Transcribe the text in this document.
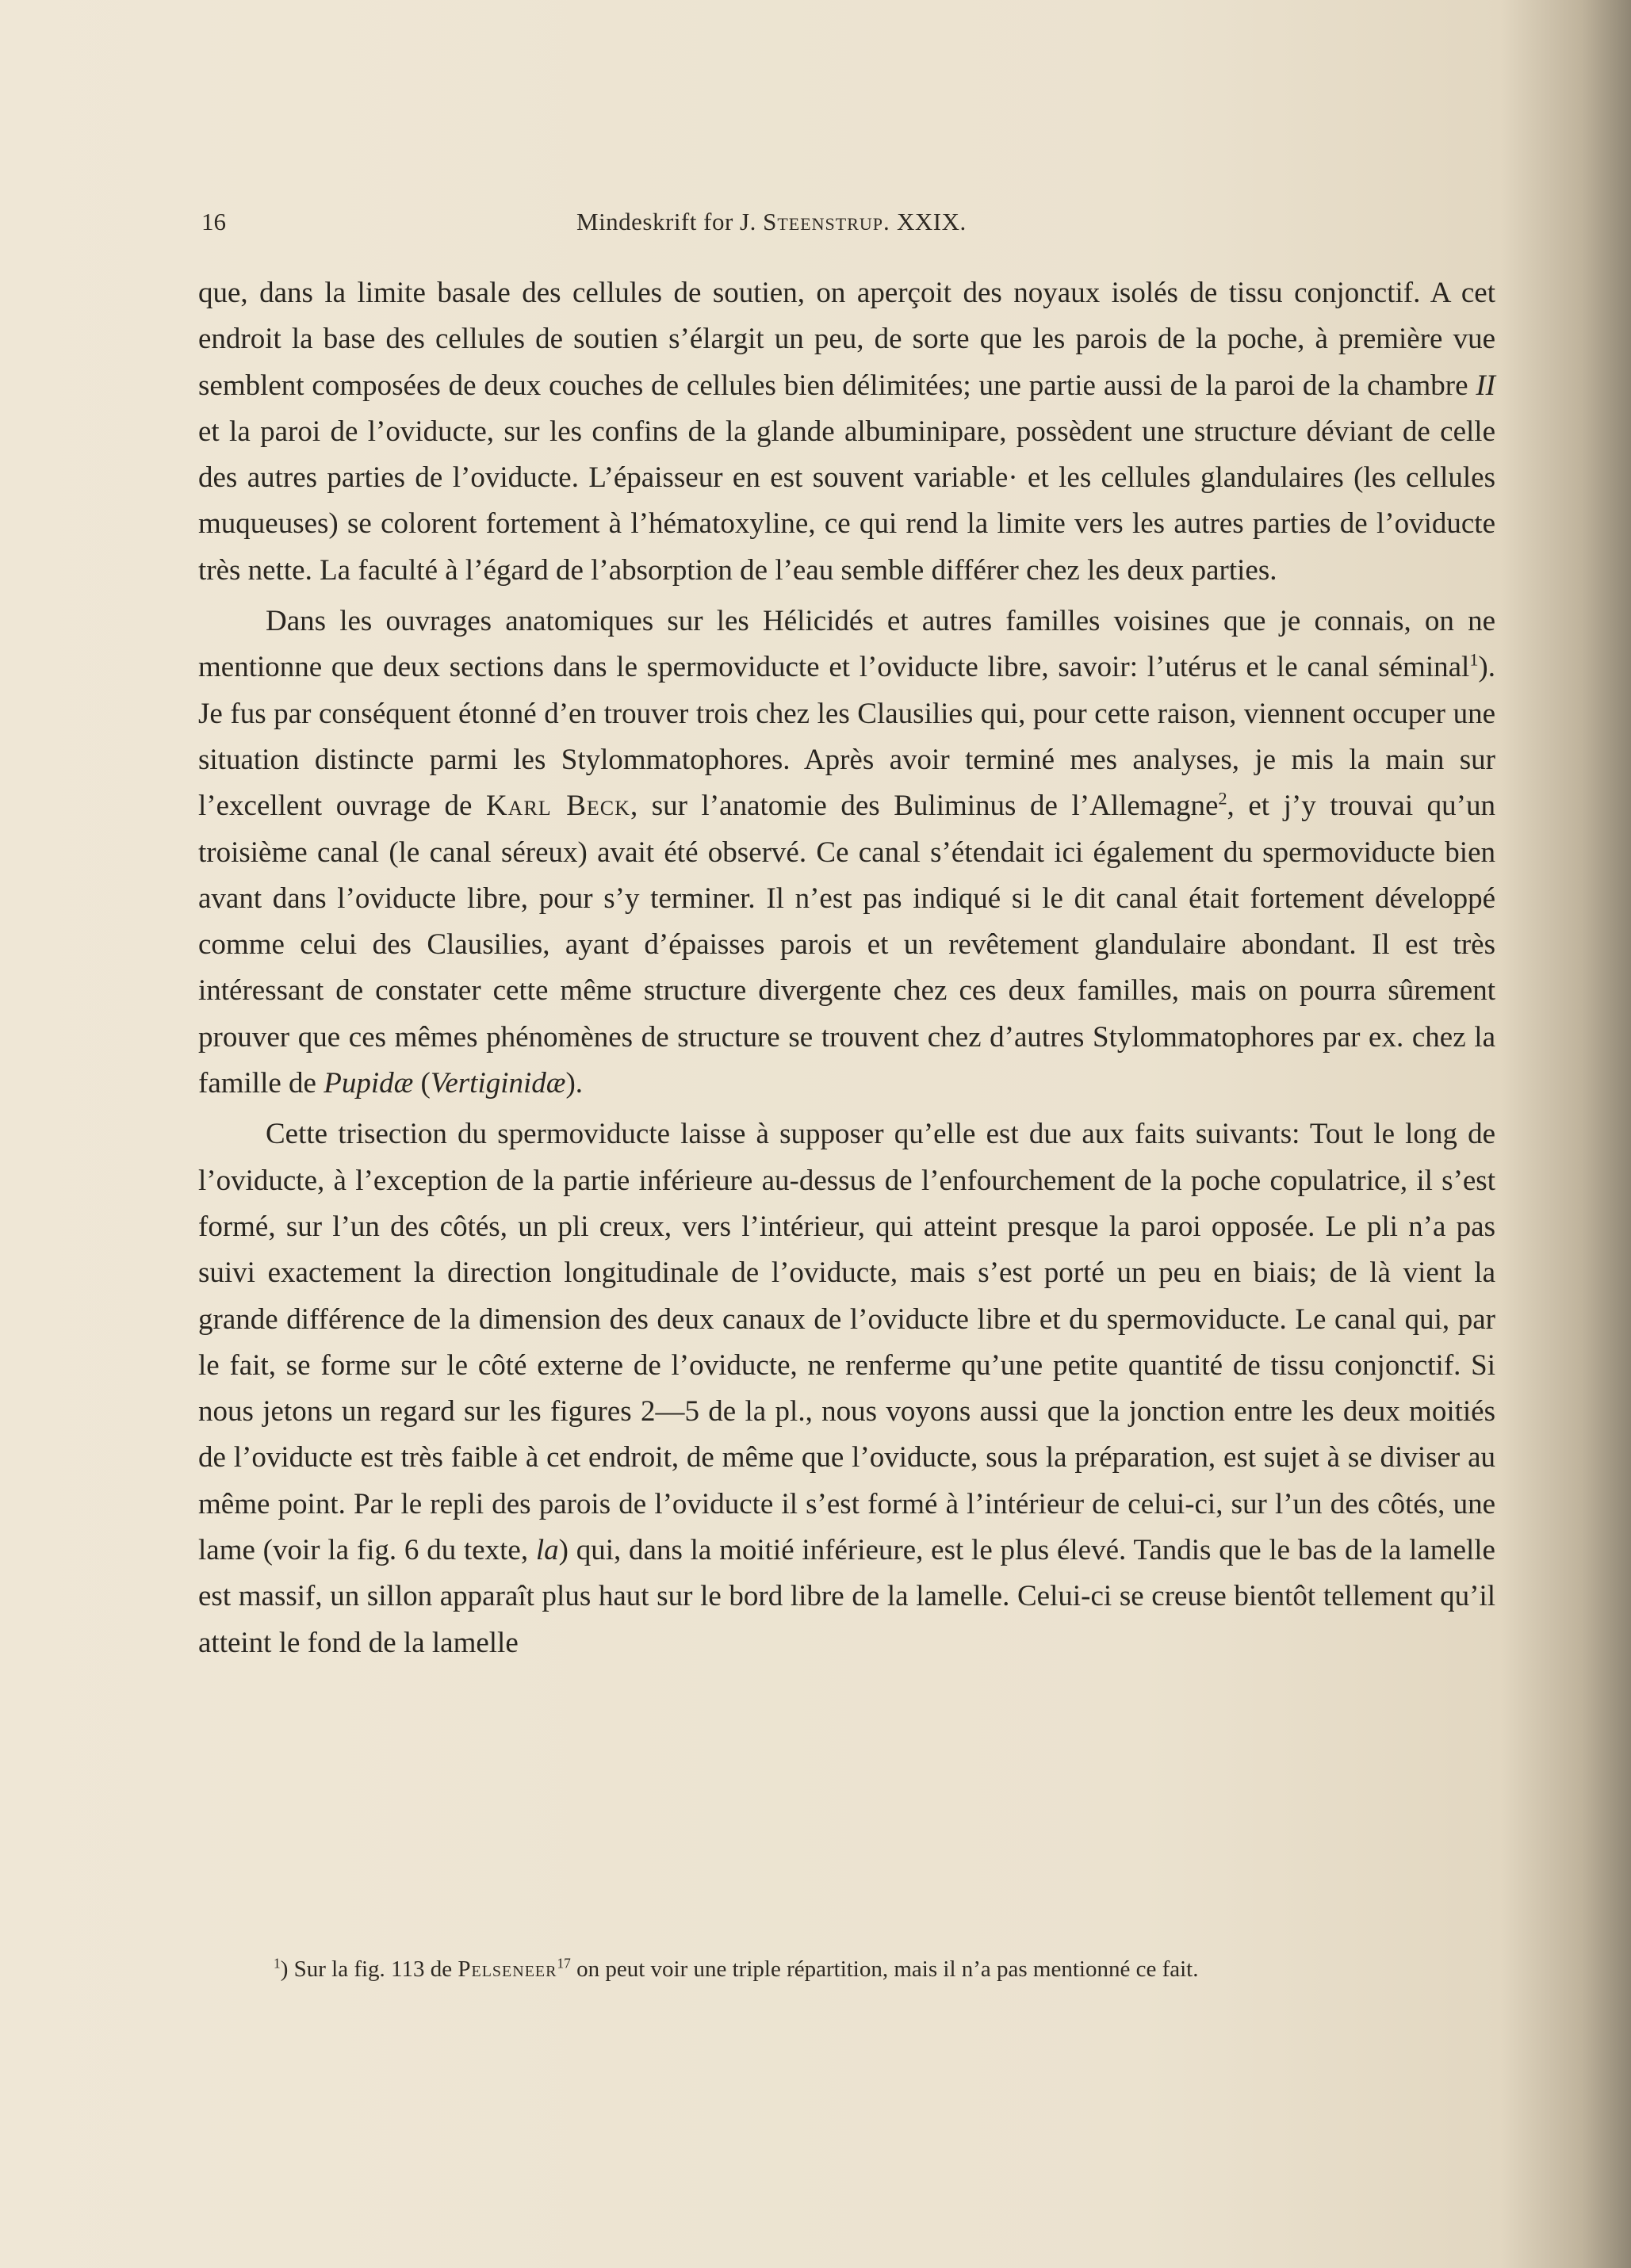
16	Mindeskrift for J. Steenstrup. XXIX.

que, dans la limite basale des cellules de soutien, on aperçoit des noyaux isolés de tissu conjonctif. A cet endroit la base des cellules de soutien s’élargit un peu, de sorte que les parois de la poche, à première vue semblent composées de deux couches de cellules bien délimitées; une partie aussi de la paroi de la chambre II et la paroi de l’oviducte, sur les confins de la glande albuminipare, possèdent une structure déviant de celle des autres parties de l’oviducte. L’épaisseur en est souvent variable· et les cellules glandulaires (les cellules muqueuses) se colorent fortement à l’hématoxyline, ce qui rend la limite vers les autres parties de l’oviducte très nette. La faculté à l’égard de l’absorption de l’eau semble différer chez les deux parties.

Dans les ouvrages anatomiques sur les Hélicidés et autres familles voisines que je connais, on ne mentionne que deux sections dans le spermoviducte et l’oviducte libre, savoir: l’utérus et le canal séminal$^1$). Je fus par conséquent étonné d’en trouver trois chez les Clausilies qui, pour cette raison, viennent occuper une situation distincte parmi les Stylommatophores. Après avoir terminé mes analyses, je mis la main sur l’excellent ouvrage de Karl Beck, sur l’anatomie des Buliminus de l’Allemagne$^2$, et j’y trouvai qu’un troisième canal (le canal séreux) avait été observé. Ce canal s’étendait ici également du spermoviducte bien avant dans l’oviducte libre, pour s’y terminer. Il n’est pas indiqué si le dit canal était fortement développé comme celui des Clausilies, ayant d’épaisses parois et un revêtement glandulaire abondant. Il est très intéressant de constater cette même structure divergente chez ces deux familles, mais on pourra sûrement prouver que ces mêmes phénomènes de structure se trouvent chez d’autres Stylommatophores par ex. chez la famille de Pupidæ (Vertiginidæ).

Cette trisection du spermoviducte laisse à supposer qu’elle est due aux faits suivants: Tout le long de l’oviducte, à l’exception de la partie inférieure au-dessus de l’enfourchement de la poche copulatrice, il s’est formé, sur l’un des côtés, un pli creux, vers l’intérieur, qui atteint presque la paroi opposée. Le pli n’a pas suivi exactement la direction longitudinale de l’oviducte, mais s’est porté un peu en biais; de là vient la grande différence de la dimension des deux canaux de l’oviducte libre et du spermoviducte. Le canal qui, par le fait, se forme sur le côté externe de l’oviducte, ne renferme qu’une petite quantité de tissu conjonctif. Si nous jetons un regard sur les figures 2—5 de la pl., nous voyons aussi que la jonction entre les deux moitiés de l’oviducte est très faible à cet endroit, de même que l’oviducte, sous la préparation, est sujet à se diviser au même point. Par le repli des parois de l’oviducte il s’est formé à l’intérieur de celui-ci, sur l’un des côtés, une lame (voir la fig. 6 du texte, la) qui, dans la moitié inférieure, est le plus élevé. Tandis que le bas de la lamelle est massif, un sillon apparaît plus haut sur le bord libre de la lamelle. Celui-ci se creuse bientôt tellement qu’il atteint le fond de la lamelle

$^1$) Sur la fig. 113 de Pelseneer$^{17}$ on peut voir une triple répartition, mais il n’a pas mentionné ce fait.
